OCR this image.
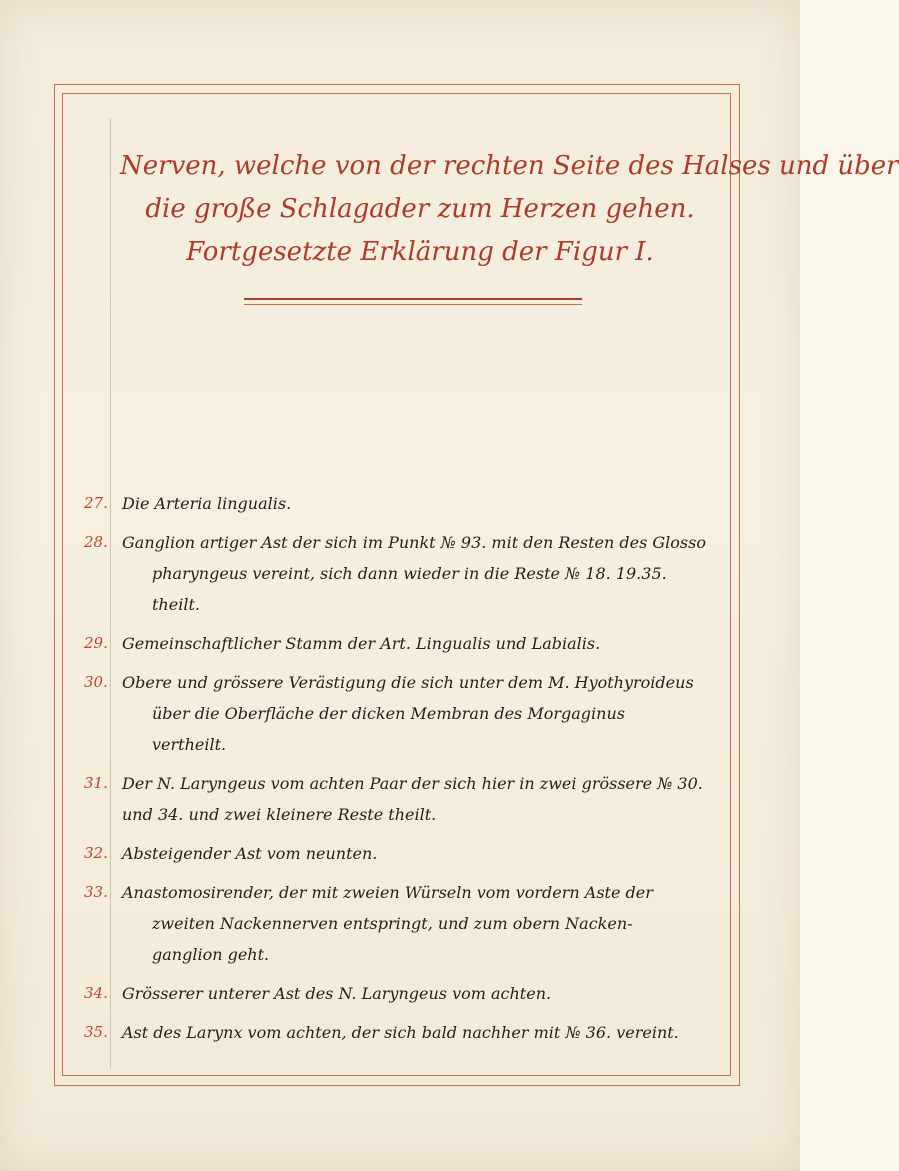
Nerven, welche von der rechten Seite des Halses und über
die große Schlagader zum Herzen gehen.
Fortgesetzte Erklärung der Figur I.
27. Die Arteria lingualis.
28. Ganglion artiger Ast der sich im Punkt № 93. mit den Resten des Glosso
pharyngeus vereint, sich dann wieder in die Reste № 18. 19.35.
theilt.
29. Gemeinschaftlicher Stamm der Art. Lingualis und Labialis.
30. Obere und grössere Verästigung die sich unter dem M. Hyothyroideus
über die Oberfläche der dicken Membran des Morgaginus
vertheilt.
31. Der N. Laryngeus vom achten Paar der sich hier in zwei grössere № 30.
und 34. und zwei kleinere Reste theilt.
32. Absteigender Ast vom neunten.
33. Anastomosirender, der mit zweien Würseln vom vordern Aste der
zweiten Nackennerven entspringt, und zum obern Nacken-
ganglion geht.
34. Grösserer unterer Ast des N. Laryngeus vom achten.
35. Ast des Larynx vom achten, der sich bald nachher mit № 36. vereint.
